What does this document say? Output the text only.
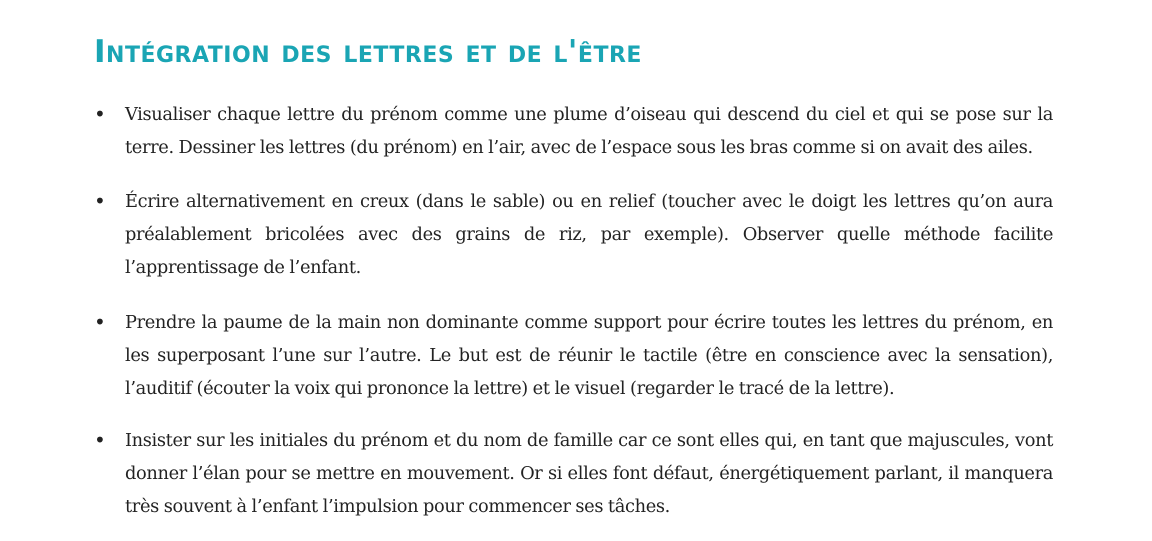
Intégration des lettres et de l'être
• Visualiser chaque lettre du prénom comme une plume d’oiseau qui descend du ciel et qui se pose sur la terre. Dessiner les lettres (du prénom) en l’air, avec de l’espace sous les bras comme si on avait des ailes.

• Écrire alternativement en creux (dans le sable) ou en relief (toucher avec le doigt les lettres qu’on aura préalablement bricolées avec des grains de riz, par exemple). Observer quelle méthode facilite l’apprentissage de l’enfant.

• Prendre la paume de la main non dominante comme support pour écrire toutes les lettres du prénom, en les superposant l’une sur l’autre. Le but est de réunir le tactile (être en conscience avec la sensation), l’auditif (écouter la voix qui prononce la lettre) et le visuel (regarder le tracé de la lettre).

• Insister sur les initiales du prénom et du nom de famille car ce sont elles qui, en tant que majuscules, vont donner l’élan pour se mettre en mouvement. Or si elles font défaut, énergétiquement parlant, il manquera très souvent à l’enfant l’impulsion pour commencer ses tâches.
